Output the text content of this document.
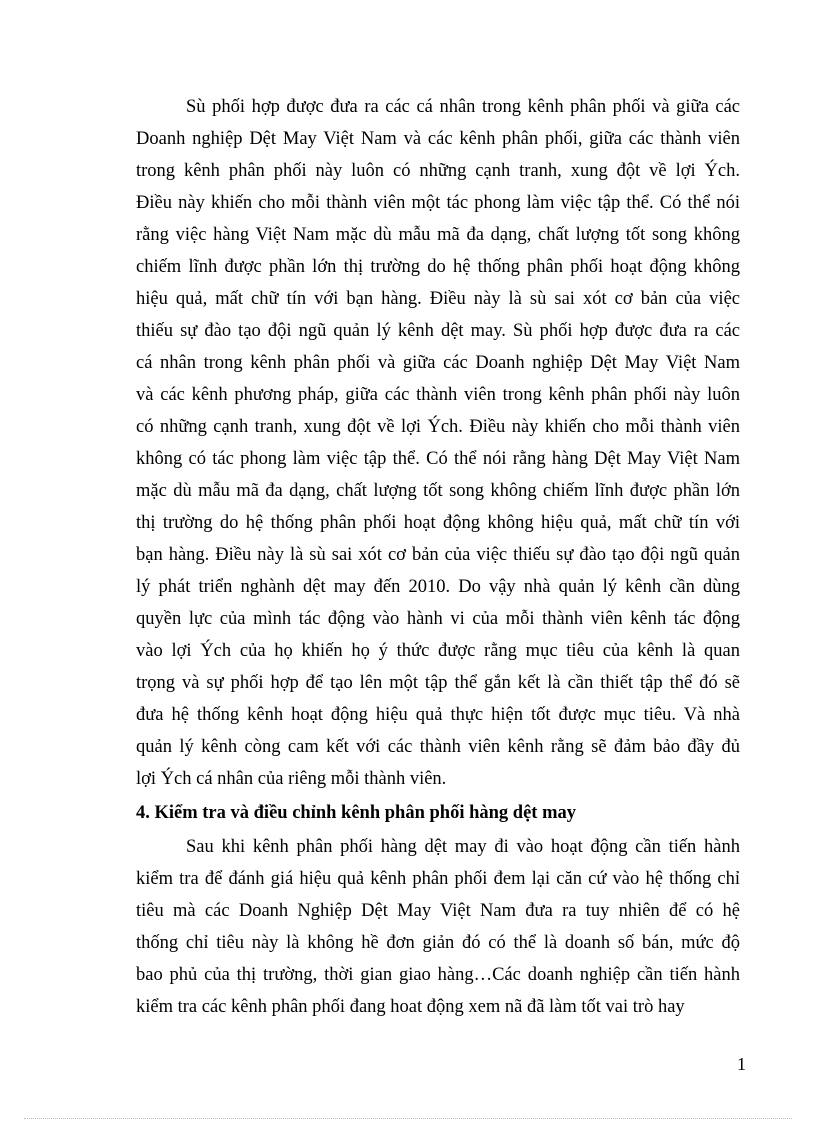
Sù phối hợp được đưa ra các cá nhân trong kênh phân phối và giữa các
Doanh nghiệp Dệt May Việt Nam và các kênh phân phối, giữa các thành viên
trong kênh phân phối này luôn có những cạnh tranh, xung đột về lợi Ých.
Điều này khiến cho mỗi thành viên một tác phong làm việc tập thể. Có thể nói
rằng việc hàng Việt Nam mặc dù mẫu mã đa dạng, chất lượng tốt song không
chiếm lĩnh được phần lớn thị trường do hệ thống phân phối hoạt động không
hiệu quả, mất chữ tín với bạn hàng. Điều này là sù sai xót cơ bản của việc
thiếu sự đào tạo đội ngũ quản lý kênh dệt may. Sù phối hợp được đưa ra các
cá nhân trong kênh phân phối và giữa các Doanh nghiệp Dệt May Việt Nam
và các kênh phương pháp, giữa các thành viên trong kênh phân phối này luôn
có những cạnh tranh, xung đột về lợi Ých. Điều này khiến cho mỗi thành viên
không có tác phong làm việc tập thể. Có thể nói rằng hàng Dệt May Việt Nam
mặc dù mẫu mã đa dạng, chất lượng tốt song không chiếm lĩnh được phần lớn
thị trường do hệ thống phân phối hoạt động không hiệu quả, mất chữ tín với
bạn hàng. Điều này là sù sai xót cơ bản của việc thiếu sự đào tạo đội ngũ quản
lý phát triển nghành dệt may đến 2010. Do vậy nhà quản lý kênh cần dùng
quyền lực của mình tác động vào hành vi của mỗi thành viên kênh tác động
vào lợi Ých của họ khiến họ ý thức được rằng mục tiêu của kênh là quan
trọng và sự phối hợp để tạo lên một tập thể gắn kết là cần thiết tập thể đó sẽ
đưa hệ thống kênh hoạt động hiệu quả thực hiện tốt được mục tiêu. Và nhà
quản lý kênh còng cam kết với các thành viên kênh rằng sẽ đảm bảo đầy đủ
lợi Ých cá nhân của riêng mỗi thành viên.
4. Kiểm tra và điều chỉnh kênh phân phối hàng dệt may
Sau khi kênh phân phối hàng dệt may đi vào hoạt động cần tiến hành
kiểm tra để đánh giá hiệu quả kênh phân phối đem lại căn cứ vào hệ thống chỉ
tiêu mà các Doanh Nghiệp Dệt May Việt Nam đưa ra tuy nhiên để có hệ
thống chỉ tiêu này là không hề đơn giản đó có thể là doanh số bán, mức độ
bao phủ của thị trường, thời gian giao hàng…Các doanh nghiệp cần tiến hành
kiểm tra các kênh phân phối đang hoat động xem nã đã làm tốt vai trò hay
1
